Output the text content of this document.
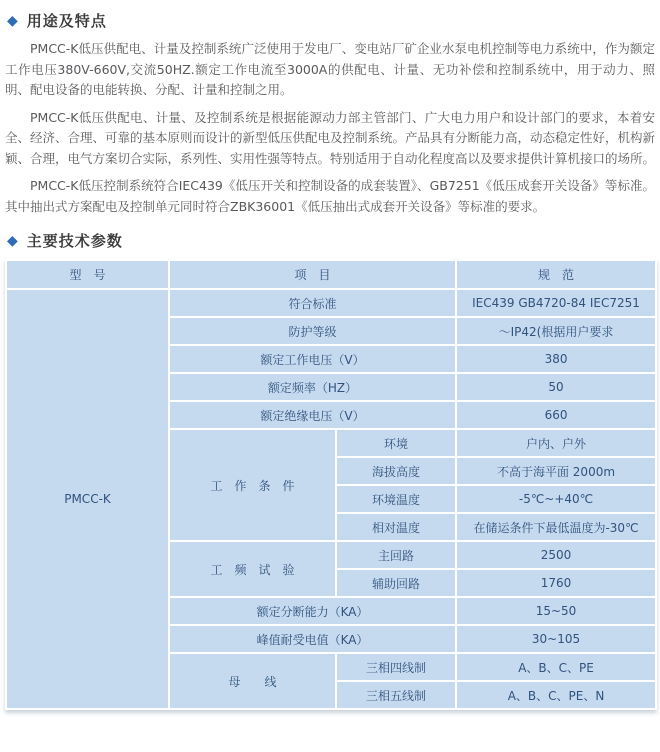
◆ 用途及特点

PMCC-K低压供配电、计量及控制系统广泛使用于发电厂、变电站厂矿企业水泵电机控制等电力系统中，作为额定工作电压380V-660V,交流50HZ.额定工作电流至3000A的供配电、计量、无功补偿和控制系统中，用于动力、照明、配电设备的电能转换、分配、计量和控制之用。

PMCC-K低压供配电、计量、及控制系统是根据能源动力部主管部门、广大电力用户和设计部门的要求，本着安全、经济、合理、可靠的基本原则而设计的新型低压供配电及控制系统。产品具有分断能力高，动态稳定性好，机构新颖、合理，电气方案切合实际，系列性、实用性强等特点。特别适用于自动化程度高以及要求提供计算机接口的场所。

PMCC-K低压控制系统符合IEC439《低压开关和控制设备的成套装置》、GB7251《低压成套开关设备》等标准。其中抽出式方案配电及控制单元同时符合ZBK36001《低压抽出式成套开关设备》等标准的要求。

◆ 主要技术参数
型　号	项　目		规　范
PMCC-K	符合标准		IEC439 GB4720-84 IEC7251
	防护等级		～IP42(根据用户要求
	额定工作电压（V）		380
	额定频率（HZ）		50
	额定绝缘电压（V）		660
	工　作　条　件	环境	户内、户外
		海拔高度	不高于海平面 2000m
		环境温度	-5℃~+40℃
		相对温度	在储运条件下最低温度为-30℃
	工　频　试　验	主回路	2500
		辅助回路	1760
	额定分断能力（KA）		15~50
	峰值耐受电值（KA）		30~105
	母　　线	三相四线制	A、B、C、PE
		三相五线制	A、B、C、PE、N
